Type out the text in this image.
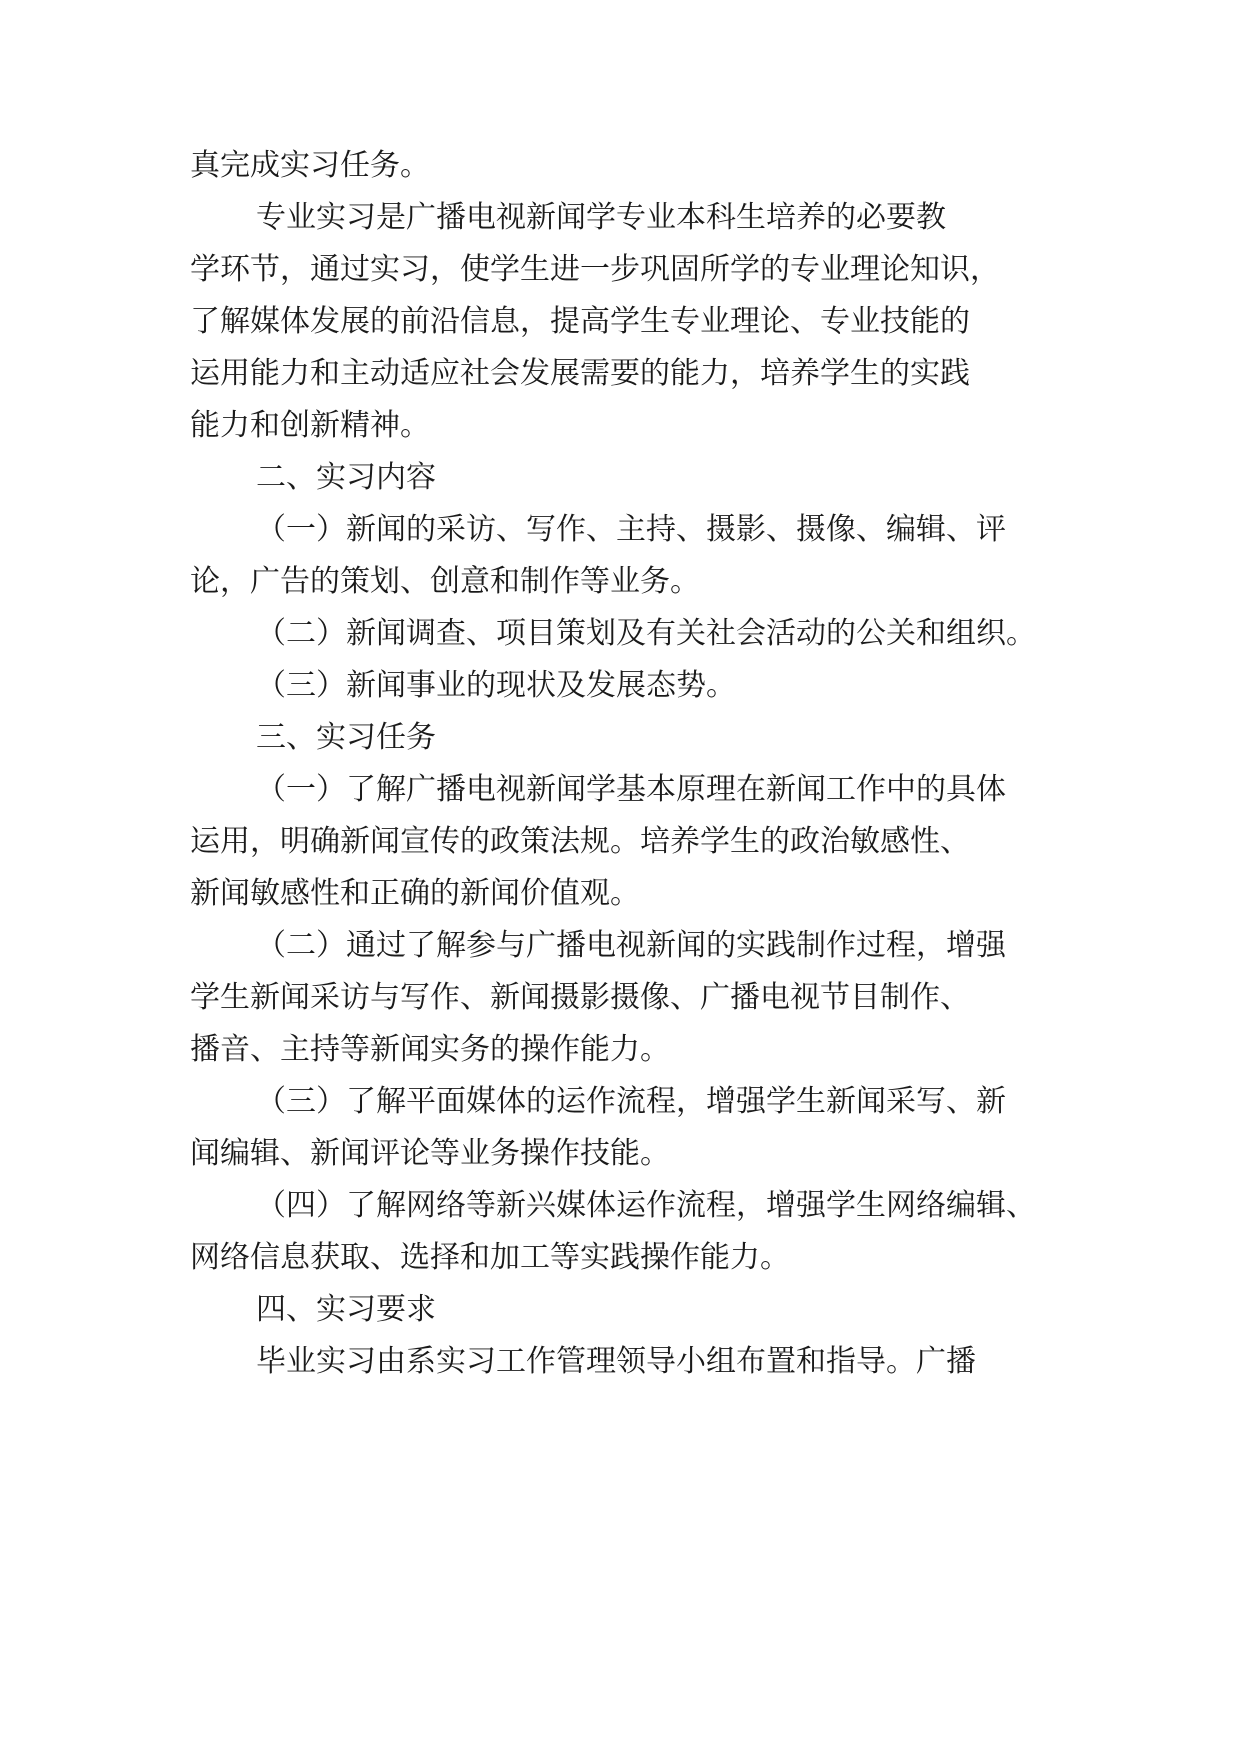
真完成实习任务。
专业实习是广播电视新闻学专业本科生培养的必要教
学环节，通过实习，使学生进一步巩固所学的专业理论知识，
了解媒体发展的前沿信息，提高学生专业理论、专业技能的
运用能力和主动适应社会发展需要的能力，培养学生的实践
能力和创新精神。
二、实习内容
（一）新闻的采访、写作、主持、摄影、摄像、编辑、评
论，广告的策划、创意和制作等业务。
（二）新闻调查、项目策划及有关社会活动的公关和组织。
（三）新闻事业的现状及发展态势。
三、实习任务
（一）了解广播电视新闻学基本原理在新闻工作中的具体
运用，明确新闻宣传的政策法规。培养学生的政治敏感性、
新闻敏感性和正确的新闻价值观。
（二）通过了解参与广播电视新闻的实践制作过程，增强
学生新闻采访与写作、新闻摄影摄像、广播电视节目制作、
播音、主持等新闻实务的操作能力。
（三）了解平面媒体的运作流程，增强学生新闻采写、新
闻编辑、新闻评论等业务操作技能。
（四）了解网络等新兴媒体运作流程，增强学生网络编辑、
网络信息获取、选择和加工等实践操作能力。
四、实习要求
毕业实习由系实习工作管理领导小组布置和指导。广播
